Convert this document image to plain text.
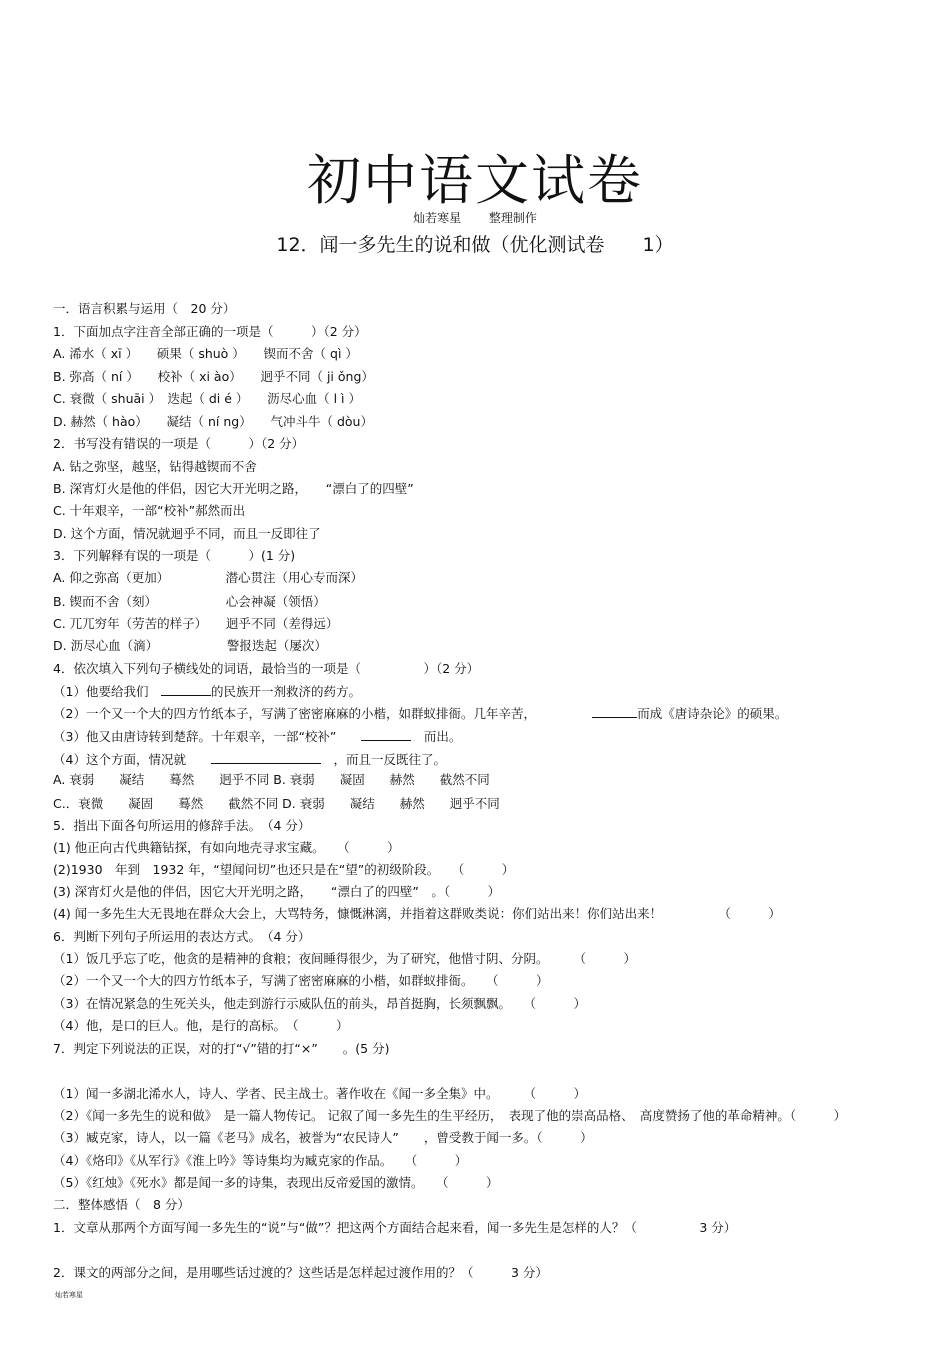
初中语文试卷
灿若寒星 整理制作
12．闻一多先生的说和做（优化测试卷　　1）
一．语言积累与运用（　20 分）
1．下面加点字注音全部正确的一项是（　　　）（2 分）
A. 浠水（ xī ）　　硕果（ shuò ）　　锲而不舍（ qì ）
B. 弥高（ ní ）　　校补（ xi ào）　　迥乎不同（ ji ǒng）
C. 衰微（ shuāi ）　迭起（ di é ）　　沥尽心血（ l ì ）
D. 赫然（ hào）　　凝结（ ní ng）　　气冲斗牛（ dòu）
2．书写没有错误的一项是（　　　）（2 分）
A. 钻之弥坚，越坚，钻得越锲而不舍
B. 深宵灯火是他的伴侣，因它大开光明之路，　　“漂白了的四壁”
C. 十年艰辛，一部“校补”郝然而出
D. 这个方面，情况就迴乎不同，而且一反即往了
3．下列解释有误的一项是（　　　）(1 分)
A. 仰之弥高（更加）　　　　　潜心贯注（用心专而深）
B. 锲而不舍（刻）　　　　　　心会神凝（领悟）
C. 兀兀穷年（劳苦的样子）　　迥乎不同（差得远）
D. 沥尽心血（滴）　　　　　　警报迭起（屡次）
4．依次填入下列句子横线处的词语，最恰当的一项是（　　　　　）（2 分）
（1）他要给我们　	的民族开一剂救济的药方。
（2）一个又一个大的四方竹纸本子，写满了密密麻麻的小楷，如群蚁排衙。几年辛苦，　　　　　	而成《唐诗杂论》的硕果。
（3）他又由唐诗转到楚辞。十年艰辛，一部“校补”　　	　而出。
（4）这个方面，情况就　　	　，而且一反既往了。
A. 衰弱　　凝结　　蓦然　　迥乎不同 B. 衰弱　　凝固　　赫然　　截然不同
C.．衰微　　凝固　　蓦然　　截然不同 D. 衰弱　　凝结　　赫然　　迥乎不同
5．指出下面各句所运用的修辞手法。　（4 分）
(1) 他正向古代典籍钻探，有如向地壳寻求宝藏。　　（　　　）
(2)1930　年到　1932 年，“望闻问切”也还只是在“望”的初级阶段。　　（　　　）
(3) 深宵灯火是他的伴侣，因它大开光明之路，　　“漂白了的四壁”　。（　　　）
(4) 闻一多先生大无畏地在群众大会上，大骂特务，慷慨淋漓，并指着这群败类说：你们站出来！你们站出来！　　　　　（　　　）
6．判断下列句子所运用的表达方式。　（4 分）
（1）饭几乎忘了吃，他贪的是精神的食粮；夜间睡得很少，为了研究，他惜寸阴、分阴。　　　（　　　）
（2）一个又一个大的四方竹纸本子，写满了密密麻麻的小楷，如群蚁排衙。　　（　　　）
（3）在情况紧急的生死关头，他走到游行示威队伍的前头，昂首挺胸，长须飘飘。　　（　　　）
（4）他，是口的巨人。他，是行的高标。　（　　　）
7．判定下列说法的正误，对的打“√”错的打“×”　　。(5 分)
（1）闻一多湖北浠水人，诗人、学者、民主战士。著作收在《闻一多全集》中。　　　（　　　）
（2）《闻一多先生的说和做》　是一篇人物传记。 记叙了闻一多先生的生平经历，　表现了他的崇高品格、　高度赞扬了他的革命精神。（　　　）
（3）臧克家，诗人，以一篇《老马》成名，被誉为“农民诗人”　　，曾受教于闻一多。（　　　）
（4）《烙印》《从军行》《淮上吟》等诗集均为臧克家的作品。　　（　　　）
（5）《红烛》《死水》都是闻一多的诗集，表现出反帝爱国的激情。　　（　　　）
二．整体感悟（　8 分）
1．文章从那两个方面写闻一多先生的“说”与“做”？把这两个方面结合起来看，闻一多先生是怎样的人？（　　　　　3 分）
2．课文的两部分之间，是用哪些话过渡的？这些话是怎样起过渡作用的？（　　　3 分）
灿若寒星
